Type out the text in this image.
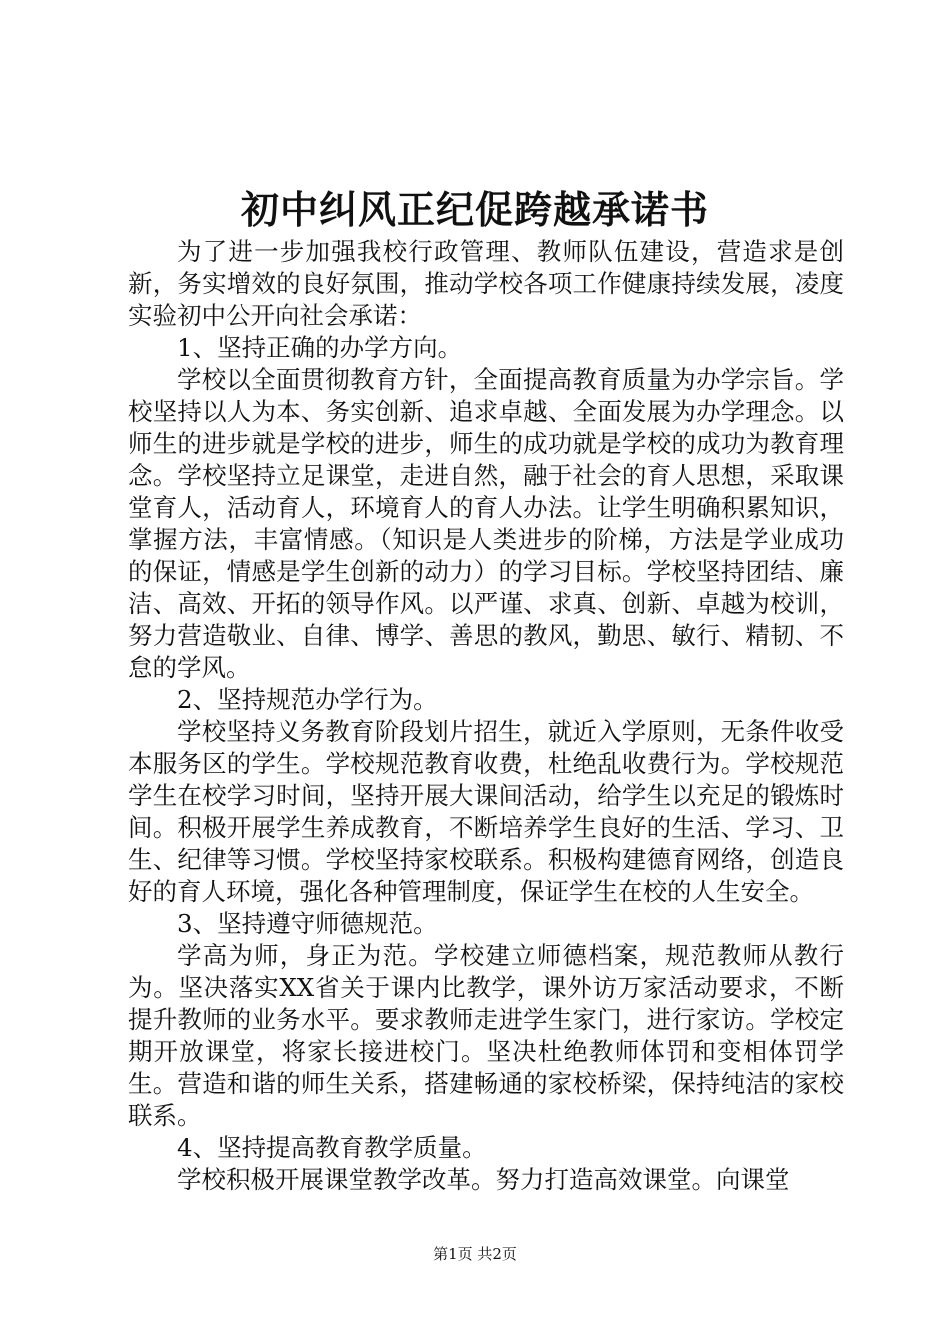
初中纠风正纪促跨越承诺书

为了进一步加强我校行政管理、教师队伍建设，营造求是创新，务实增效的良好氛围，推动学校各项工作健康持续发展，凌度实验初中公开向社会承诺：

1、坚持正确的办学方向。

学校以全面贯彻教育方针，全面提高教育质量为办学宗旨。学校坚持以人为本、务实创新、追求卓越、全面发展为办学理念。以师生的进步就是学校的进步，师生的成功就是学校的成功为教育理念。学校坚持立足课堂，走进自然，融于社会的育人思想，采取课堂育人，活动育人，环境育人的育人办法。让学生明确积累知识，掌握方法，丰富情感。（知识是人类进步的阶梯，方法是学业成功的保证，情感是学生创新的动力）的学习目标。学校坚持团结、廉洁、高效、开拓的领导作风。以严谨、求真、创新、卓越为校训，努力营造敬业、自律、博学、善思的教风，勤思、敏行、精韧、不怠的学风。

2、坚持规范办学行为。

学校坚持义务教育阶段划片招生，就近入学原则，无条件收受本服务区的学生。学校规范教育收费，杜绝乱收费行为。学校规范学生在校学习时间，坚持开展大课间活动，给学生以充足的锻炼时间。积极开展学生养成教育，不断培养学生良好的生活、学习、卫生、纪律等习惯。学校坚持家校联系。积极构建德育网络，创造良好的育人环境，强化各种管理制度，保证学生在校的人生安全。

3、坚持遵守师德规范。

学高为师，身正为范。学校建立师德档案，规范教师从教行为。坚决落实XX省关于课内比教学，课外访万家活动要求，不断提升教师的业务水平。要求教师走进学生家门，进行家访。学校定期开放课堂，将家长接进校门。坚决杜绝教师体罚和变相体罚学生。营造和谐的师生关系，搭建畅通的家校桥梁，保持纯洁的家校联系。

4、坚持提高教育教学质量。

学校积极开展课堂教学改革。努力打造高效课堂。向课堂

第1页 共2页
